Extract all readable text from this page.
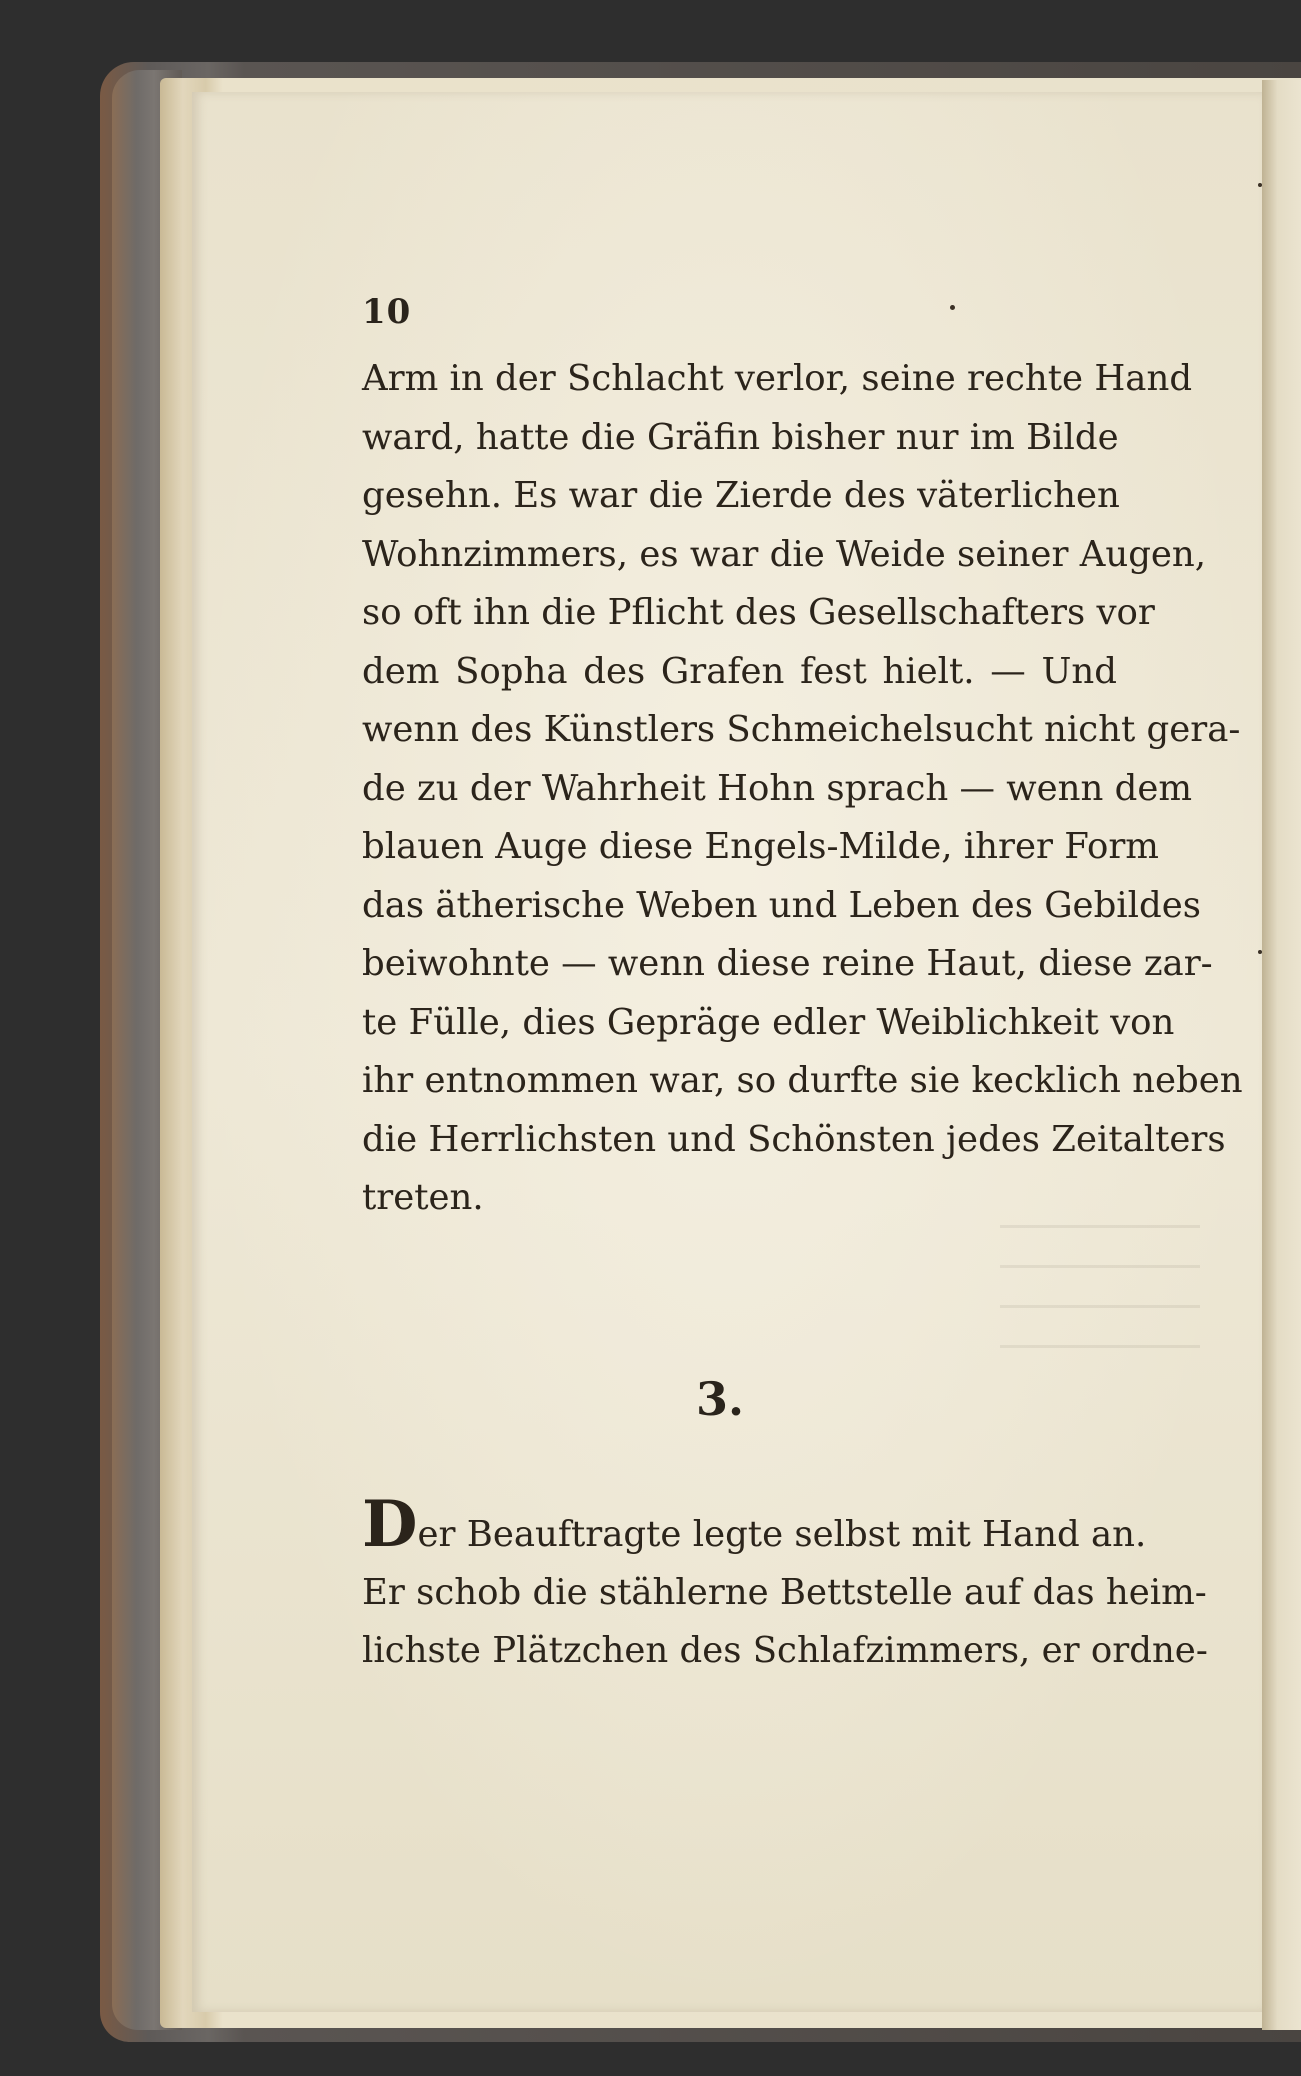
10
Arm in der Schlacht verlor, seine rechte Hand
ward, hatte die Gräfin bisher nur im Bilde
gesehn. Es war die Zierde des väterlichen
Wohnzimmers, es war die Weide seiner Augen,
so oft ihn die Pflicht des Gesellschafters vor
dem Sopha des Grafen fest hielt. — Und
wenn des Künstlers Schmeichelsucht nicht gera-
de zu der Wahrheit Hohn sprach — wenn dem
blauen Auge diese Engels-Milde, ihrer Form
das ätherische Weben und Leben des Gebildes
beiwohnte — wenn diese reine Haut, diese zar-
te Fülle, dies Gepräge edler Weiblichkeit von
ihr entnommen war, so durfte sie kecklich neben
die Herrlichsten und Schönsten jedes Zeitalters
treten.
3.
Der Beauftragte legte selbst mit Hand an.
Er schob die stählerne Bettstelle auf das heim-
lichste Plätzchen des Schlafzimmers, er ordne-
